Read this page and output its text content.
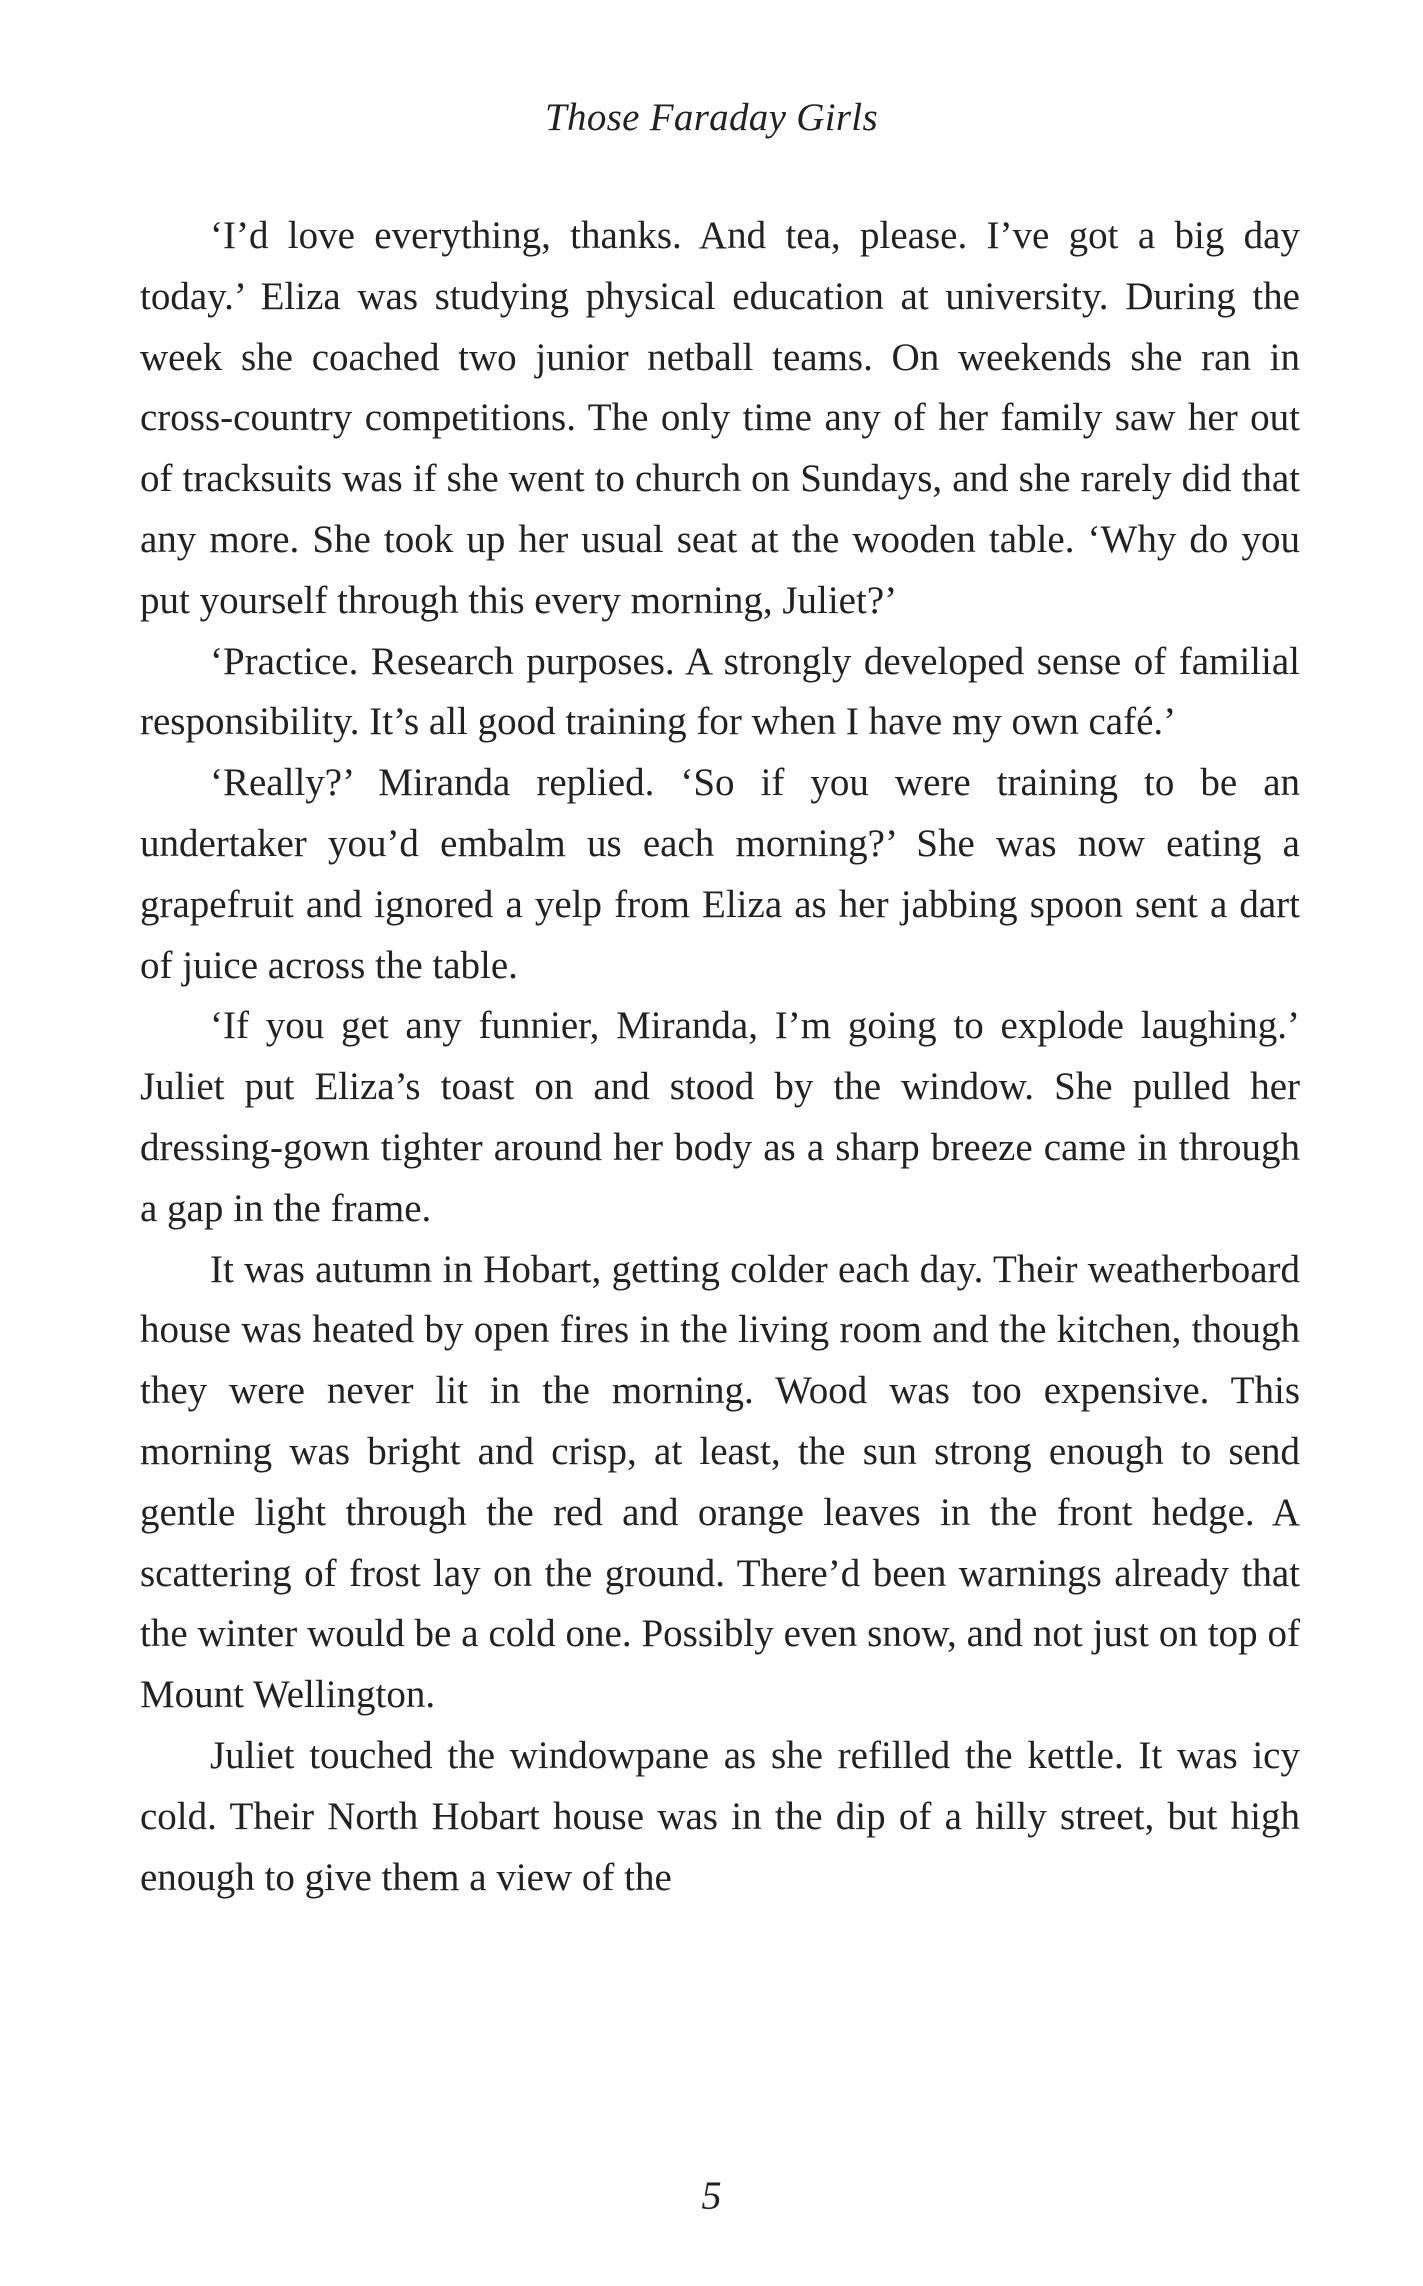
Those Faraday Girls

‘I’d love everything, thanks. And tea, please. I’ve got a big day today.’ Eliza was studying physical education at university. During the week she coached two junior netball teams. On weekends she ran in cross-country competitions. The only time any of her family saw her out of tracksuits was if she went to church on Sundays, and she rarely did that any more. She took up her usual seat at the wooden table. ‘Why do you put yourself through this every morning, Juliet?’

‘Practice. Research purposes. A strongly developed sense of familial responsibility. It’s all good training for when I have my own café.’

‘Really?’ Miranda replied. ‘So if you were training to be an undertaker you’d embalm us each morning?’ She was now eating a grapefruit and ignored a yelp from Eliza as her jabbing spoon sent a dart of juice across the table.

‘If you get any funnier, Miranda, I’m going to explode laughing.’ Juliet put Eliza’s toast on and stood by the window. She pulled her dressing-gown tighter around her body as a sharp breeze came in through a gap in the frame.

It was autumn in Hobart, getting colder each day. Their weatherboard house was heated by open fires in the living room and the kitchen, though they were never lit in the morning. Wood was too expensive. This morning was bright and crisp, at least, the sun strong enough to send gentle light through the red and orange leaves in the front hedge. A scattering of frost lay on the ground. There’d been warnings already that the winter would be a cold one. Possibly even snow, and not just on top of Mount Wellington.

Juliet touched the windowpane as she refilled the kettle. It was icy cold. Their North Hobart house was in the dip of a hilly street, but high enough to give them a view of the

5
